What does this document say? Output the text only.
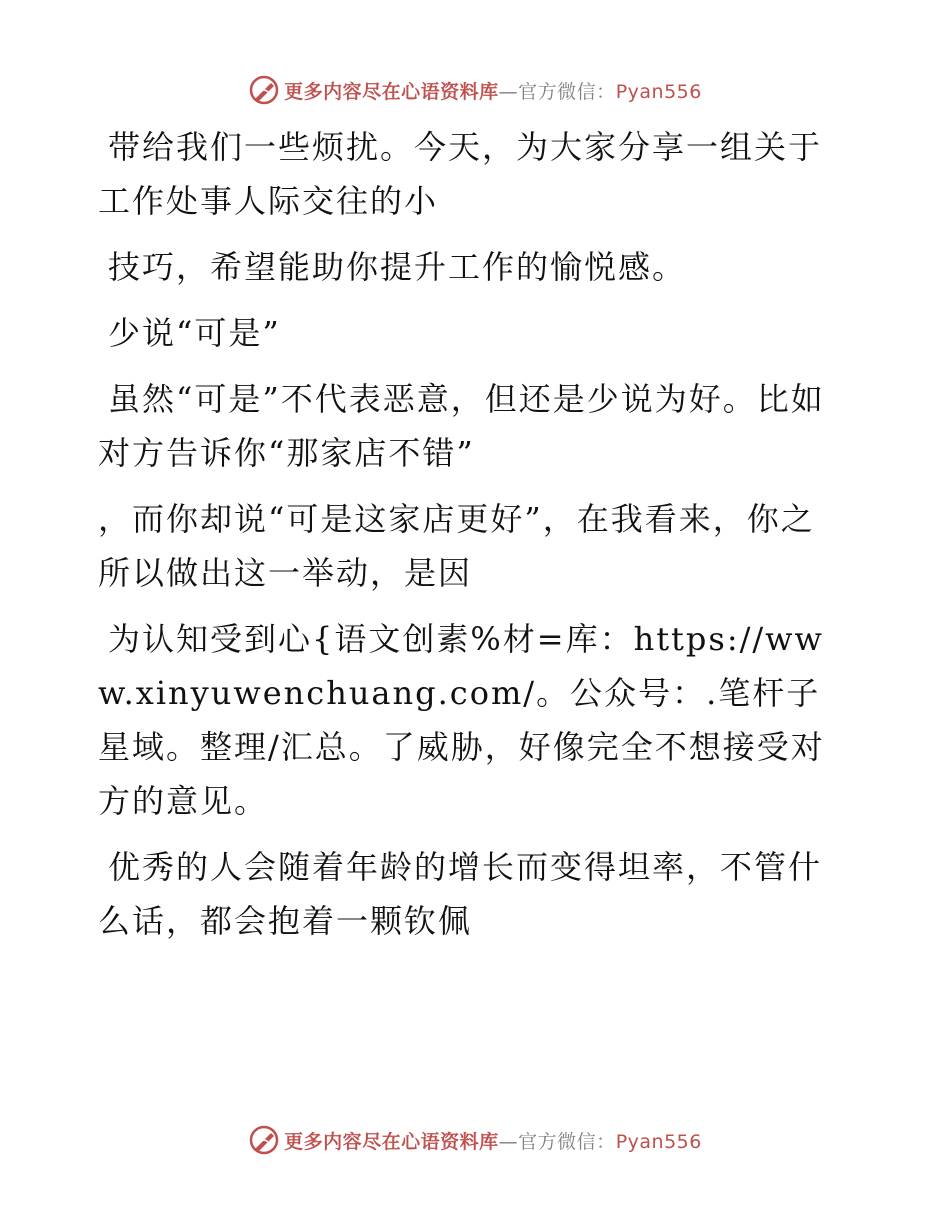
更多内容尽在心语资料库—官方微信：Pyan556

带给我们一些烦扰。今天，为大家分享一组关于工作处事人际交往的小

技巧，希望能助你提升工作的愉悦感。

少说“可是”

虽然“可是”不代表恶意，但还是少说为好。比如对方告诉你“那家店不错”

，而你却说“可是这家店更好”，在我看来，你之所以做出这一举动，是因

为认知受到心{语文创素%材=库：https://www.xinyuwenchuang.com/。公众号：.笔杆子星域。整理/汇总。了威胁，好像完全不想接受对方的意见。

优秀的人会随着年龄的增长而变得坦率，不管什么话，都会抱着一颗钦佩

更多内容尽在心语资料库—官方微信：Pyan556
